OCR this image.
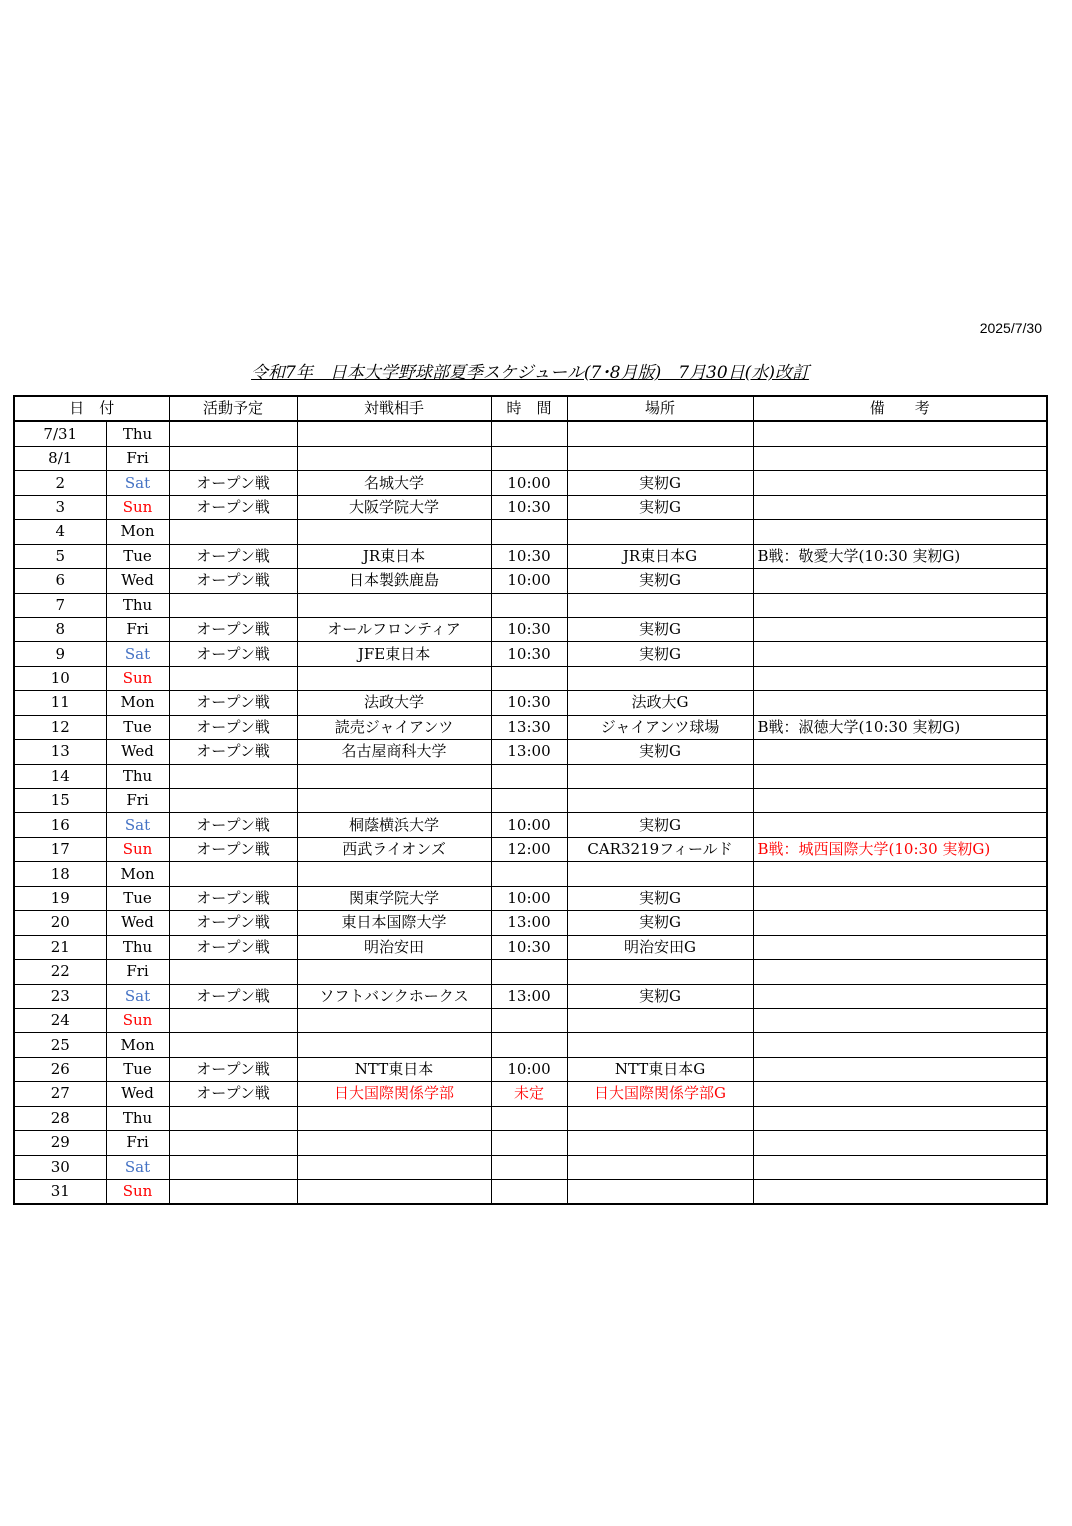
2025/7/30
令和7年　日本大学野球部夏季スケジュール(7･8月版)　7月30日(水)改訂
日　付		活動予定	対戦相手	時　間	場所	備　　考
7/31	Thu					
8/1	Fri					
2	Sat	オープン戦	名城大学	10:00	実籾G	
3	Sun	オープン戦	大阪学院大学	10:30	実籾G	
4	Mon					
5	Tue	オープン戦	JR東日本	10:30	JR東日本G	B戦：敬愛大学(10:30 実籾G)
6	Wed	オープン戦	日本製鉄鹿島	10:00	実籾G	
7	Thu					
8	Fri	オープン戦	オールフロンティア	10:30	実籾G	
9	Sat	オープン戦	JFE東日本	10:30	実籾G	
10	Sun					
11	Mon	オープン戦	法政大学	10:30	法政大G	
12	Tue	オープン戦	読売ジャイアンツ	13:30	ジャイアンツ球場	B戦：淑徳大学(10:30 実籾G)
13	Wed	オープン戦	名古屋商科大学	13:00	実籾G	
14	Thu					
15	Fri					
16	Sat	オープン戦	桐蔭横浜大学	10:00	実籾G	
17	Sun	オープン戦	西武ライオンズ	12:00	CAR3219フィールド	B戦：城西国際大学(10:30 実籾G)
18	Mon					
19	Tue	オープン戦	関東学院大学	10:00	実籾G	
20	Wed	オープン戦	東日本国際大学	13:00	実籾G	
21	Thu	オープン戦	明治安田	10:30	明治安田G	
22	Fri					
23	Sat	オープン戦	ソフトバンクホークス	13:00	実籾G	
24	Sun					
25	Mon					
26	Tue	オープン戦	NTT東日本	10:00	NTT東日本G	
27	Wed	オープン戦	日大国際関係学部	未定	日大国際関係学部G	
28	Thu					
29	Fri					
30	Sat					
31	Sun					
